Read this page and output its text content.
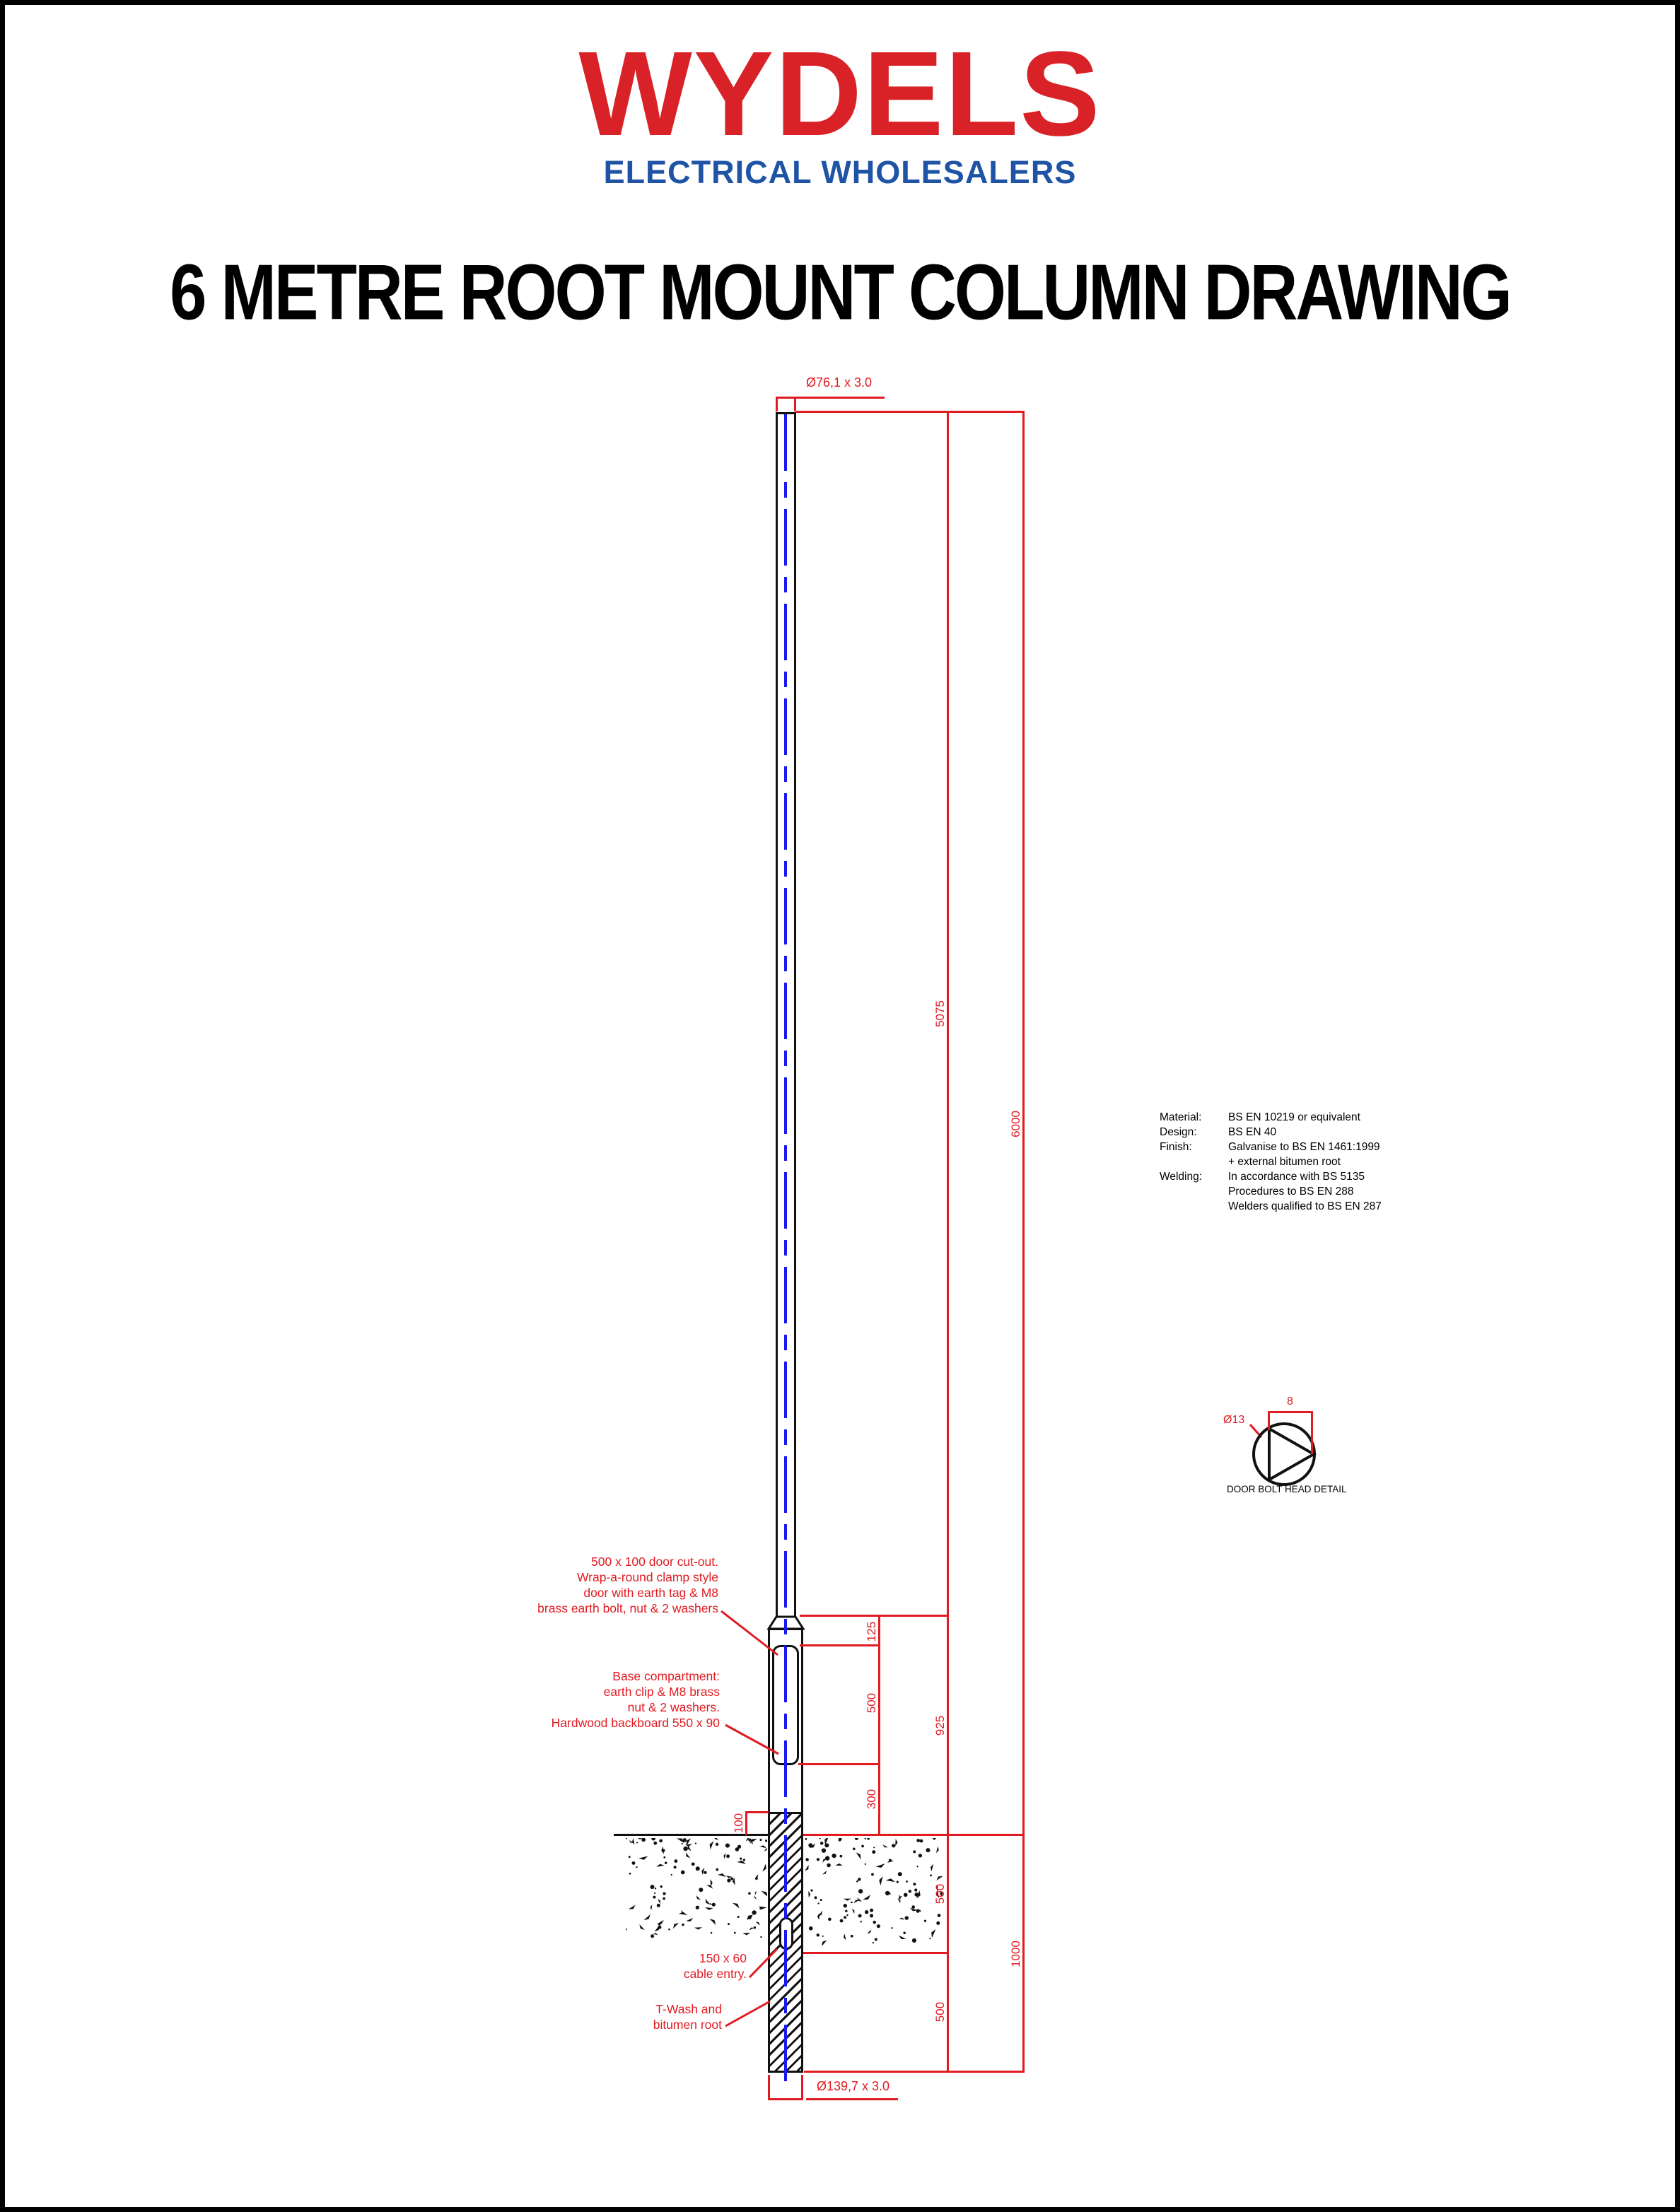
WYDELS
ELECTRICAL WHOLESALERS
6 METRE ROOT MOUNT COLUMN DRAWING
5075
6000
925
125
500
300
100
500
500
1000
Ø76,1 x 3.0
Ø139,7 x 3.0
500 x 100 door cut-out.
Wrap-a-round clamp style
door with earth tag & M8
brass earth bolt, nut & 2 washers
Base compartment:
earth clip & M8 brass
nut & 2 washers.
Hardwood backboard 550 x 90
150 x 60
cable entry.
T-Wash and
bitumen root
Material:	BS EN 10219 or equivalent
Design:	BS EN 40
Finish:	Galvanise to BS EN 1461:1999
+ external bitumen root
Welding:	In accordance with BS 5135
Procedures to BS EN 288
Welders qualified to BS EN 287
8
Ø13
DOOR BOLT HEAD DETAIL
